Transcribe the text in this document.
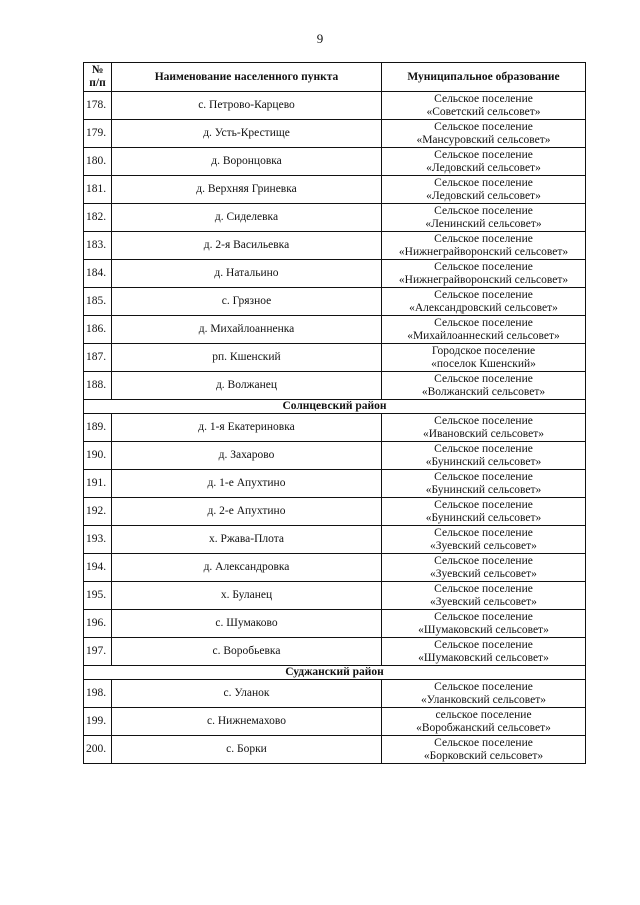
9
№
п/п	Наименование населенного пункта	Муниципальное образование
178.	с. Петрово-Карцево	Сельское поселение
«Советский сельсовет»
179.	д. Усть-Крестище	Сельское поселение
«Мансуровский сельсовет»
180.	д. Воронцовка	Сельское поселение
«Ледовский сельсовет»
181.	д. Верхняя Гриневка	Сельское поселение
«Ледовский сельсовет»
182.	д. Сиделевка	Сельское поселение
«Ленинский сельсовет»
183.	д. 2-я Васильевка	Сельское поселение
«Нижнеграйворонский сельсовет»
184.	д. Натальино	Сельское поселение
«Нижнеграйворонский сельсовет»
185.	с. Грязное	Сельское поселение
«Александровский сельсовет»
186.	д. Михайлоанненка	Сельское поселение
«Михайлоаннеский сельсовет»
187.	рп. Кшенский	Городское поселение
«поселок Кшенский»
188.	д. Волжанец	Сельское поселение
«Волжанский сельсовет»
Солнцевский район		
189.	д. 1-я Екатериновка	Сельское поселение
«Ивановский сельсовет»
190.	д. Захарово	Сельское поселение
«Бунинский сельсовет»
191.	д. 1-е Апухтино	Сельское поселение
«Бунинский сельсовет»
192.	д. 2-е Апухтино	Сельское поселение
«Бунинский сельсовет»
193.	х. Ржава-Плота	Сельское поселение
«Зуевский сельсовет»
194.	д. Александровка	Сельское поселение
«Зуевский сельсовет»
195.	х. Буланец	Сельское поселение
«Зуевский сельсовет»
196.	с. Шумаково	Сельское поселение
«Шумаковский сельсовет»
197.	с. Воробьевка	Сельское поселение
«Шумаковский сельсовет»
Суджанский район		
198.	с. Уланок	Сельское поселение
«Уланковский сельсовет»
199.	с. Нижнемахово	сельское поселение
«Воробжанский сельсовет»
200.	с. Борки	Сельское поселение
«Борковский сельсовет»
